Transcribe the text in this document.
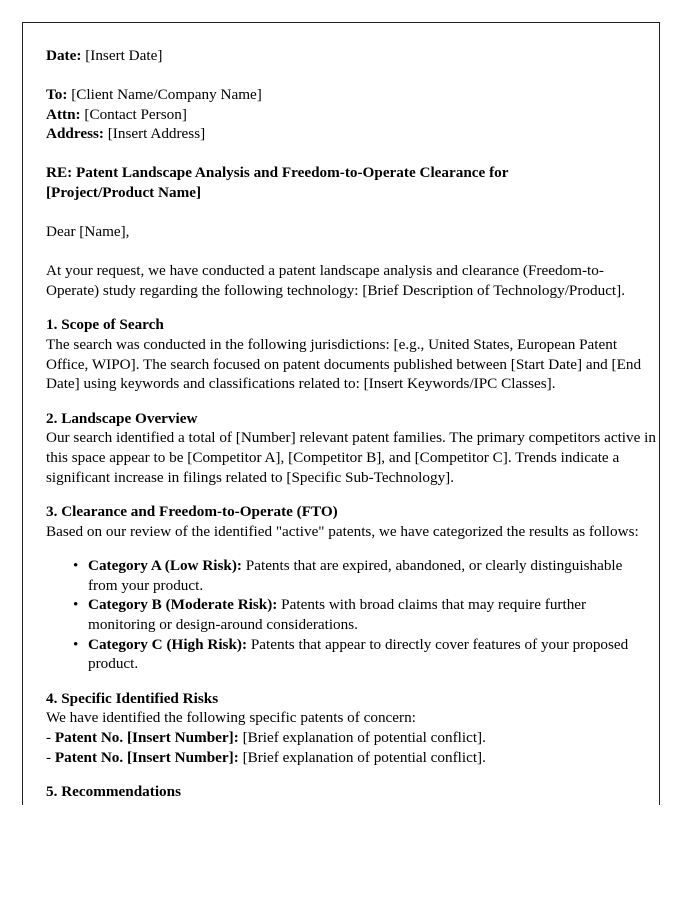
Date: [Insert Date]
To: [Client Name/Company Name]
Attn: [Contact Person]
Address: [Insert Address]
RE: Patent Landscape Analysis and Freedom-to-Operate Clearance for [Project/Product Name]
Dear [Name],
At your request, we have conducted a patent landscape analysis and clearance (Freedom-to-Operate) study regarding the following technology: [Brief Description of Technology/Product].
1. Scope of Search
The search was conducted in the following jurisdictions: [e.g., United States, European Patent Office, WIPO]. The search focused on patent documents published between [Start Date] and [End Date] using keywords and classifications related to: [Insert Keywords/IPC Classes].
2. Landscape Overview
Our search identified a total of [Number] relevant patent families. The primary competitors active in this space appear to be [Competitor A], [Competitor B], and [Competitor C]. Trends indicate a significant increase in filings related to [Specific Sub-Technology].
3. Clearance and Freedom-to-Operate (FTO)
Based on our review of the identified "active" patents, we have categorized the results as follows:
• Category A (Low Risk): Patents that are expired, abandoned, or clearly distinguishable from your product.
• Category B (Moderate Risk): Patents with broad claims that may require further monitoring or design-around considerations.
• Category C (High Risk): Patents that appear to directly cover features of your proposed product.
4. Specific Identified Risks
We have identified the following specific patents of concern:
- Patent No. [Insert Number]: [Brief explanation of potential conflict].
- Patent No. [Insert Number]: [Brief explanation of potential conflict].
5. Recommendations
